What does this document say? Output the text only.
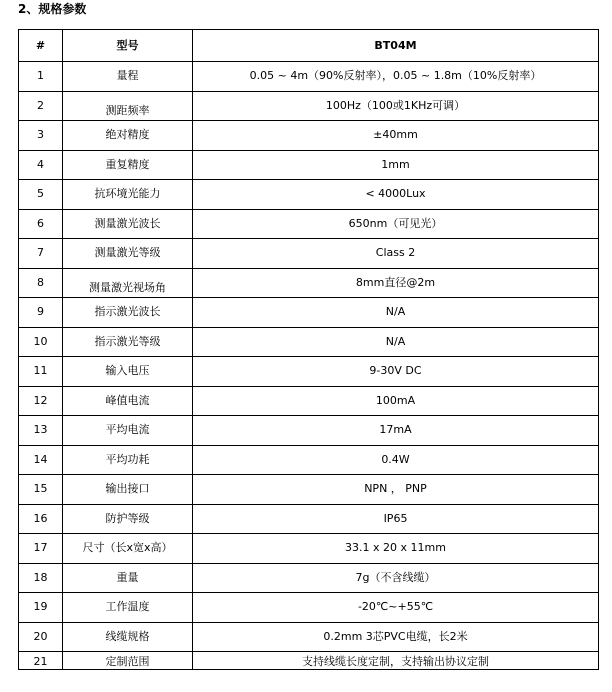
2、规格参数
#	型号	BT04M
1	量程	0.05 ~ 4m（90%反射率），0.05 ~ 1.8m（10%反射率）
2	测距频率	100Hz（100或1KHz可调）
3	绝对精度	±40mm
4	重复精度	1mm
5	抗环境光能力	< 4000Lux
6	测量激光波长	650nm（可见光）
7	测量激光等级	Class 2
8	测量激光视场角	8mm直径@2m
9	指示激光波长	N/A
10	指示激光等级	N/A
11	输入电压	9-30V DC
12	峰值电流	100mA
13	平均电流	17mA
14	平均功耗	0.4W
15	输出接口	NPN ， PNP
16	防护等级	IP65
17	尺寸（长x宽x高）	33.1 x 20 x 11mm
18	重量	7g（不含线缆）
19	工作温度	-20℃~+55℃
20	线缆规格	0.2mm 3芯PVC电缆，长2米
21	定制范围	支持线缆长度定制，支持输出协议定制
